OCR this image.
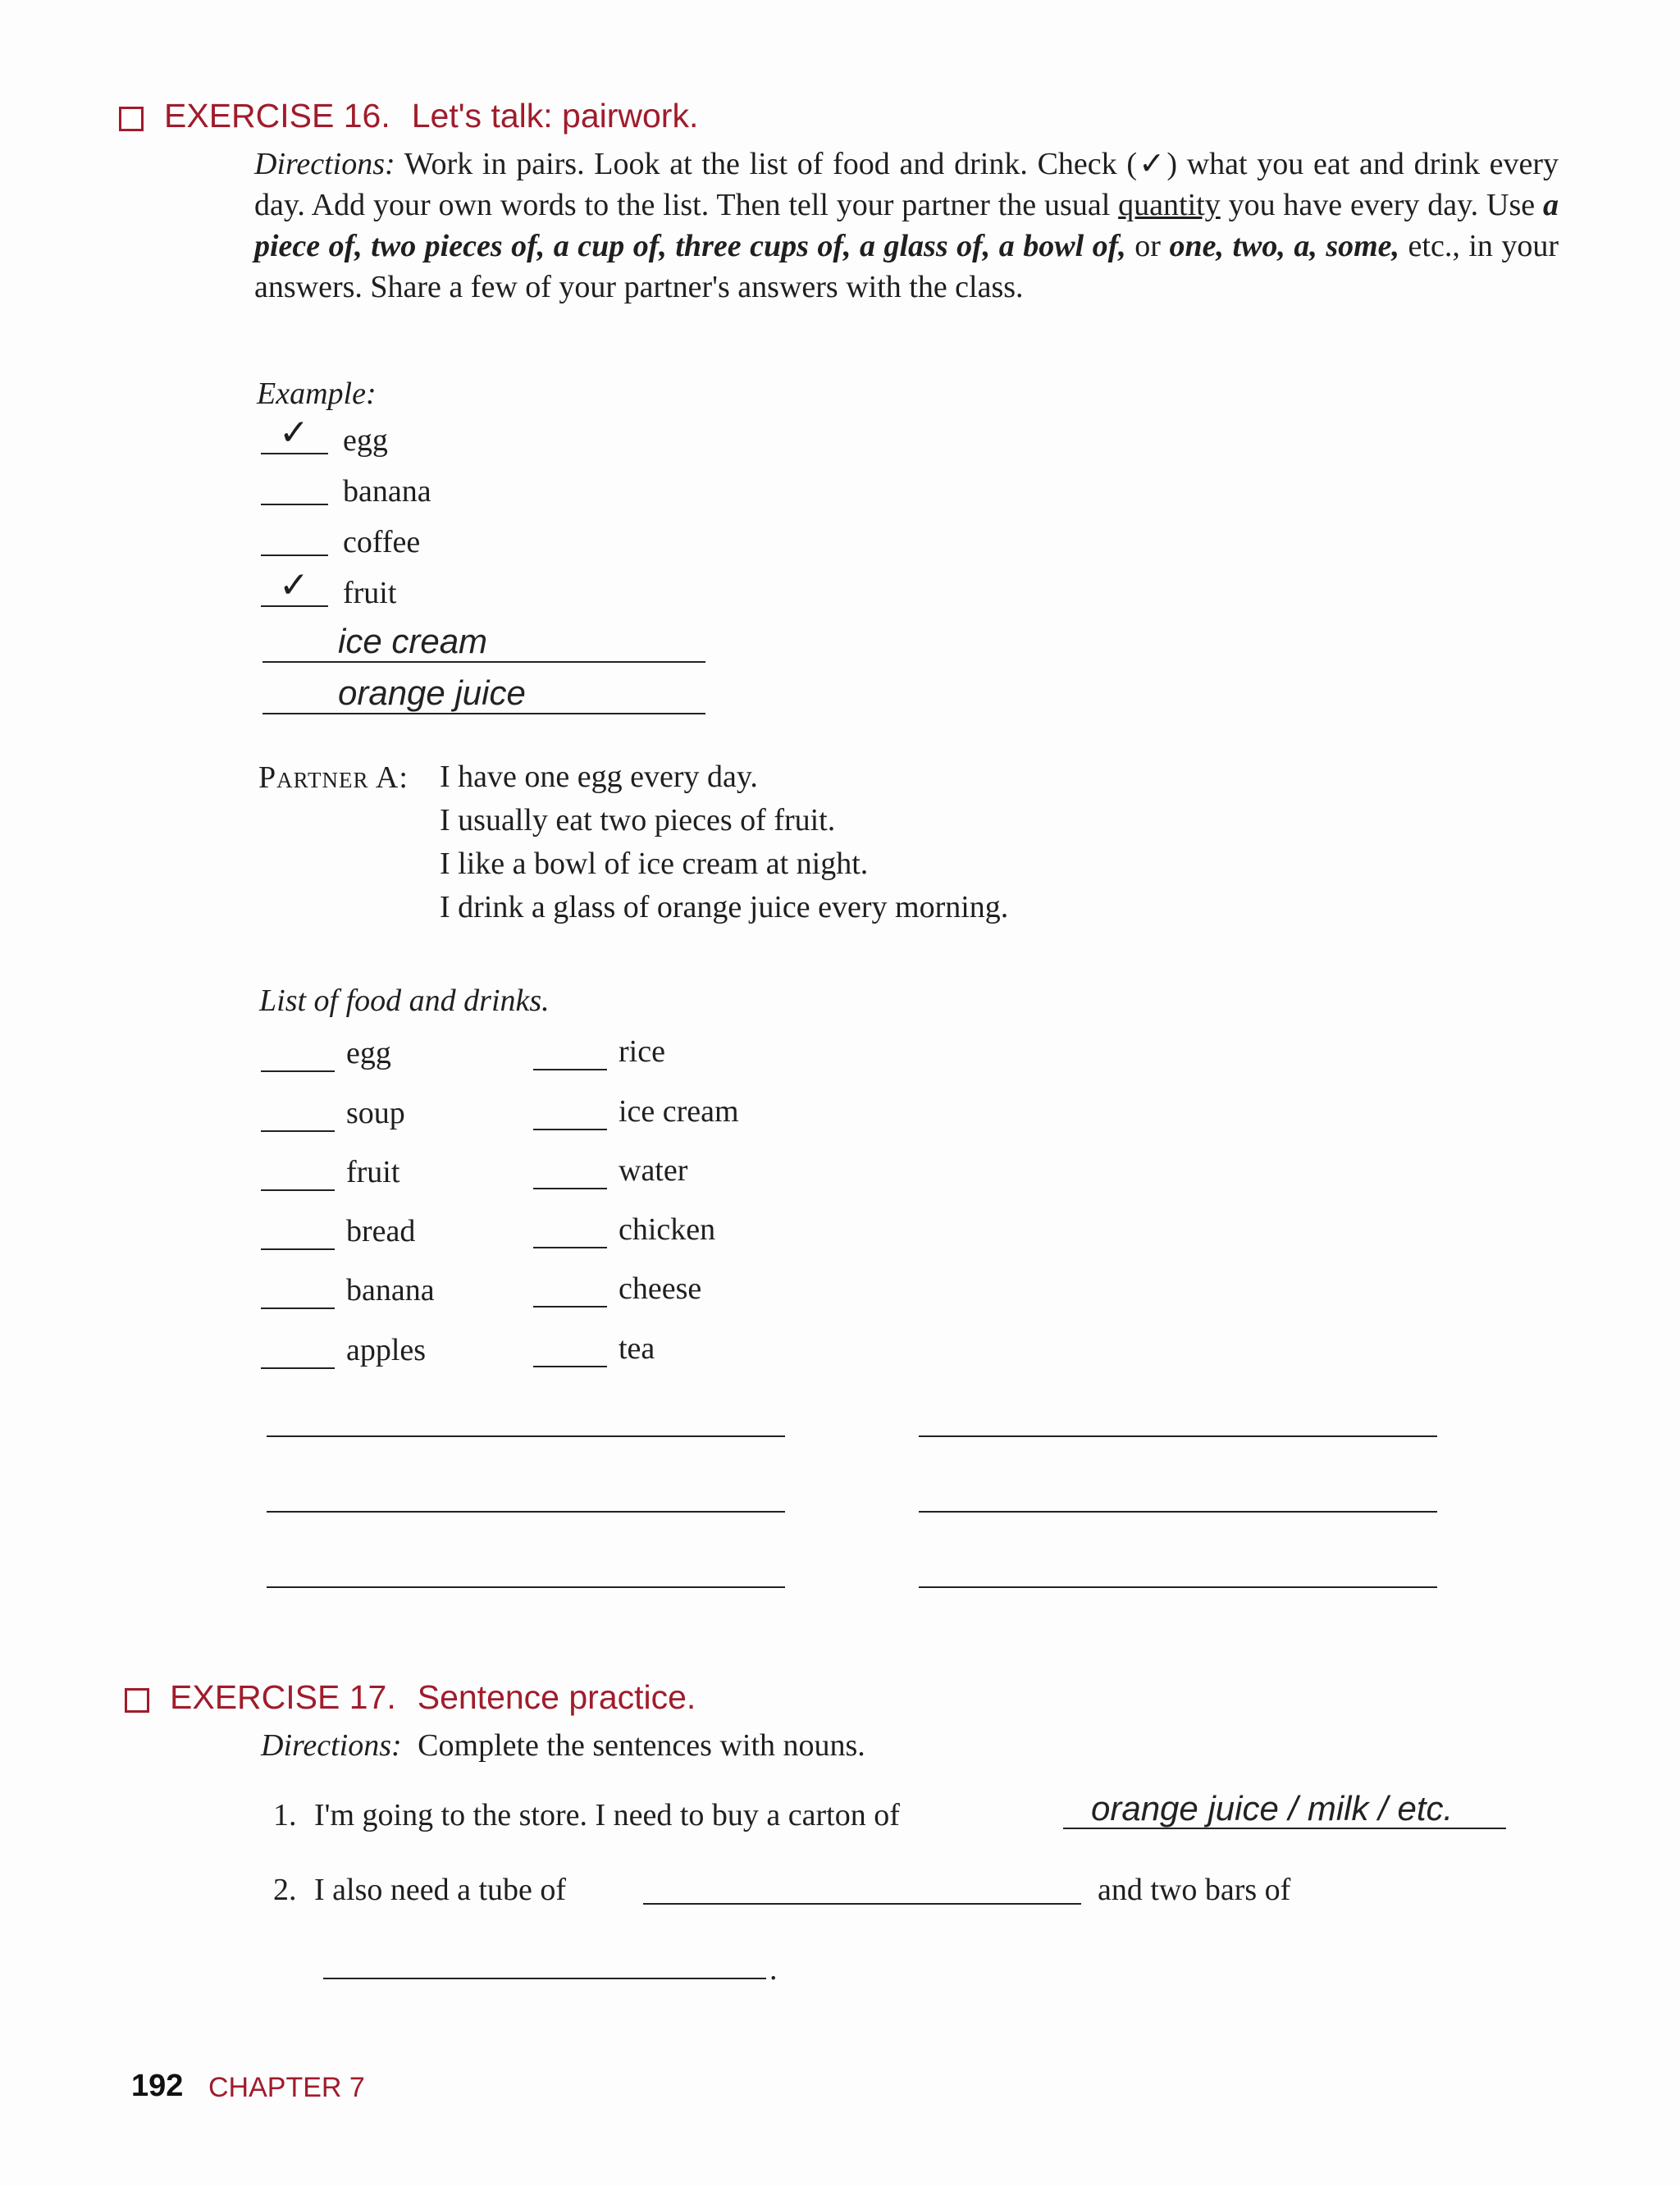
EXERCISE 16. Let's talk: pairwork.
Directions: Work in pairs. Look at the list of food and drink. Check (✓) what you eat and drink every day. Add your own words to the list. Then tell your partner the usual quantity you have every day. Use a piece of, two pieces of, a cup of, three cups of, a glass of, a bowl of, or one, two, a, some, etc., in your answers. Share a few of your partner's answers with the class.
Example:
✓ egg
banana
coffee
✓ fruit
ice cream
orange juice
Partner A: I have one egg every day.
I usually eat two pieces of fruit.
I like a bowl of ice cream at night.
I drink a glass of orange juice every morning.
List of food and drinks.
egg
soup
fruit
bread
banana
apples
rice
ice cream
water
chicken
cheese
tea
EXERCISE 17. Sentence practice.
Directions: Complete the sentences with nouns.
1. I'm going to the store. I need to buy a carton of	orange juice / milk / etc.
2. I also need a tube of	and two bars of
.
192 CHAPTER 7
